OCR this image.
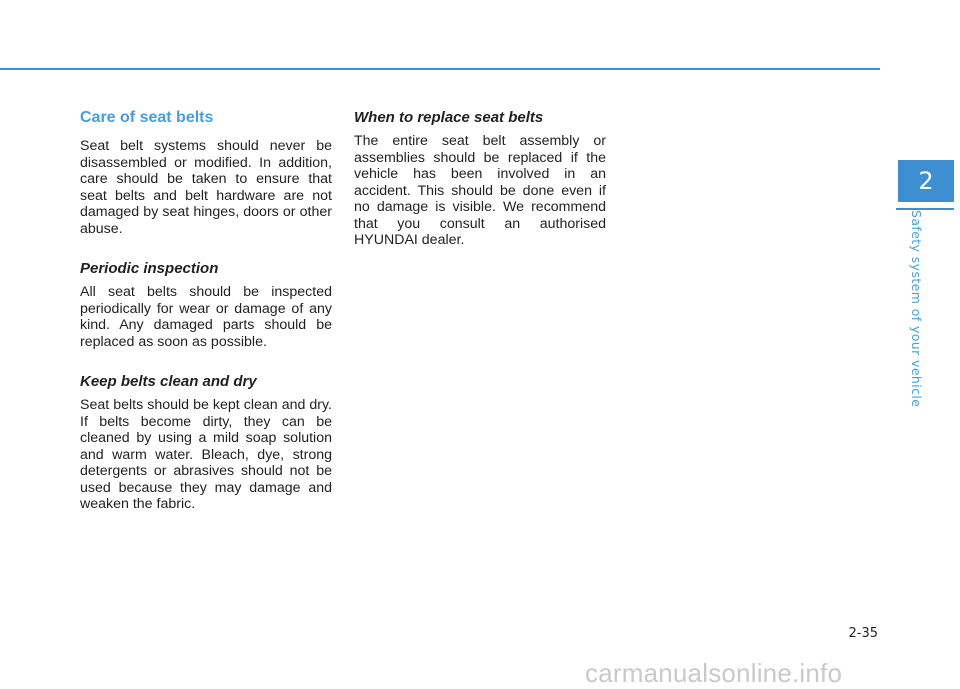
Care of seat belts

Seat belt systems should never be disassembled or modified. In addition, care should be taken to ensure that seat belts and belt hardware are not damaged by seat hinges, doors or other abuse.

Periodic inspection

All seat belts should be inspected periodically for wear or damage of any kind. Any damaged parts should be replaced as soon as possible.

Keep belts clean and dry

Seat belts should be kept clean and dry. If belts become dirty, they can be cleaned by using a mild soap solution and warm water. Bleach, dye, strong detergents or abrasives should not be used because they may damage and weaken the fabric.

When to replace seat belts

The entire seat belt assembly or assemblies should be replaced if the vehicle has been involved in an accident. This should be done even if no damage is visible. We recommend that you consult an authorised HYUNDAI dealer.

2
Safety system of your vehicle
2-35
carmanualsonline.info
